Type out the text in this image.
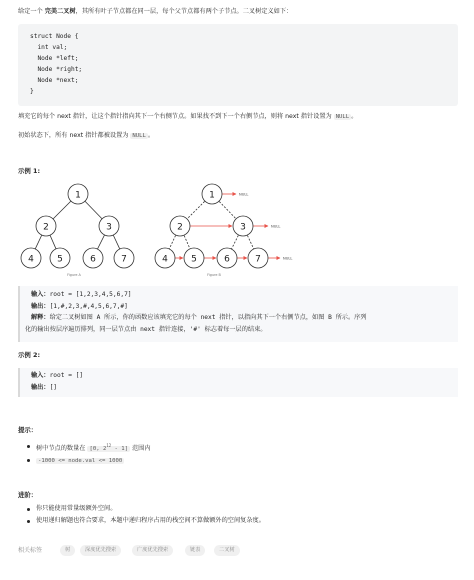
给定一个 完美二叉树，其所有叶子节点都在同一层，每个父节点都有两个子节点。二叉树定义如下：
struct Node {
int val;
Node *left;
Node *right;
Node *next;
}
填充它的每个 next 指针，让这个指针指向其下一个右侧节点。如果找不到下一个右侧节点，则将 next 指针设置为 NULL 。
初始状态下，所有 next 指针都被设置为 NULL 。
示例 1:
1
2	3
4	5	6	7
Figure A
1
2	3
4	5	6	7
NULL
NULL
NULL
Figure B
输入：root = [1,2,3,4,5,6,7]
输出：[1,#,2,3,#,4,5,6,7,#]
解释：给定二叉树如图 A 所示，你的函数应该填充它的每个 next 指针，以指向其下一个右侧节点，如图 B 所示。序列
化的输出按层序遍历排列，同一层节点由 next 指针连接，'#' 标志着每一层的结束。
示例 2:
输入：root = []
输出：[]
提示：
树中节点的数量在 [0, $2^{12} - 1$] 范围内
-1000 <= node.val <= 1000
进阶：
你只能使用常量级额外空间。
使用递归解题也符合要求，本题中递归程序占用的栈空间不算做额外的空间复杂度。
相关标签	树	深度优先搜索	广度优先搜索	链表	二叉树
